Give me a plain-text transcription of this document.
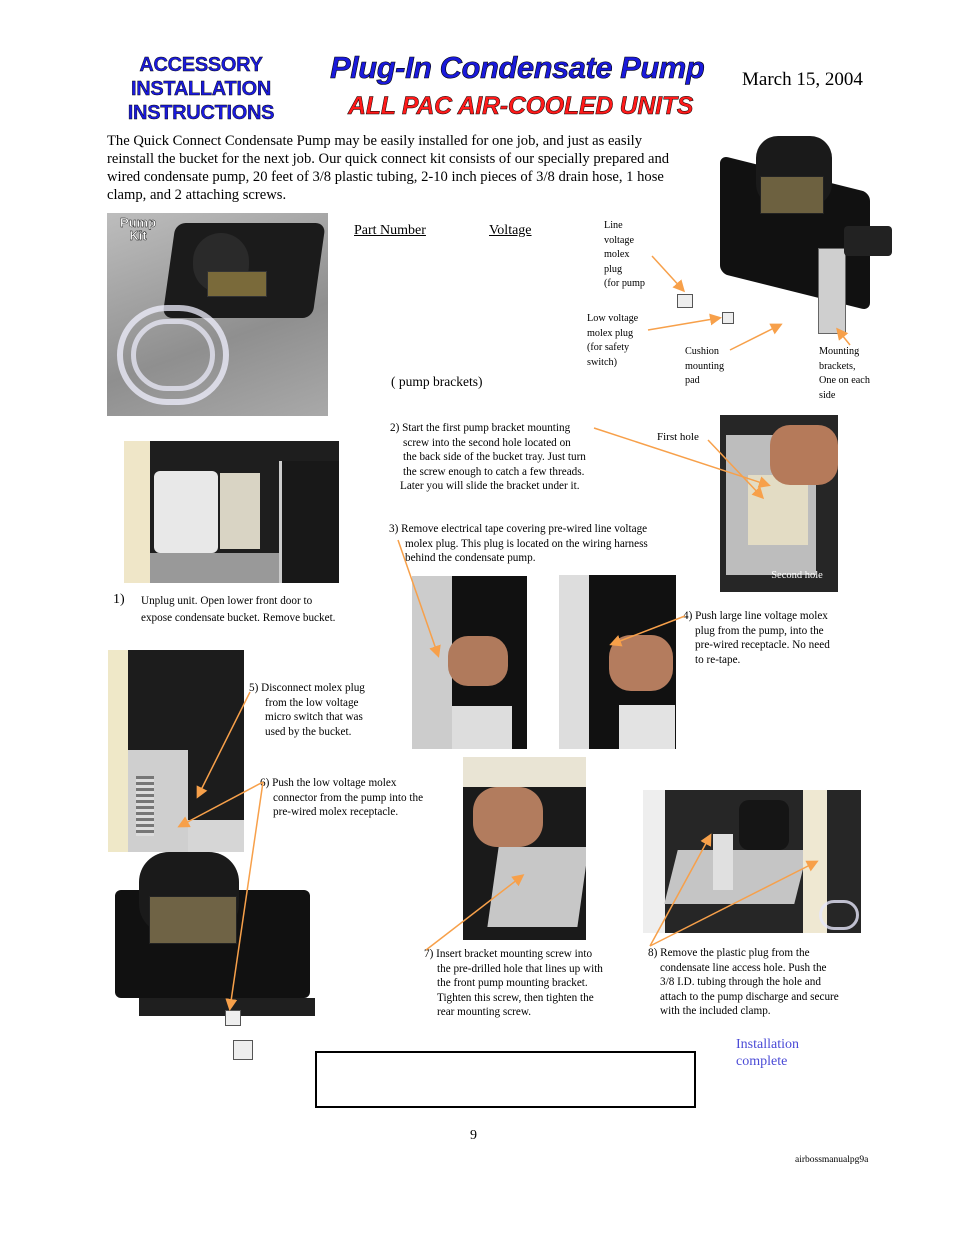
ACCESSORY
INSTALLATION
INSTRUCTIONS
Plug-In Condensate Pump
ALL PAC AIR-COOLED UNITS
March 15, 2004
The Quick Connect Condensate Pump may be easily installed for one job, and just as easily reinstall the bucket for the next job. Our quick connect kit consists of our specially prepared and wired condensate pump, 20 feet of 3/8 plastic tubing, 2-10 inch pieces of 3/8 drain hose, 1 hose clamp, and 2 attaching screws.
Pump
Kit	Part Number	Voltage
( pump brackets)
Line
voltage
molex
plug
(for pump
Low voltage
molex plug
(for safety
switch)
Cushion
mounting
pad
Mounting
brackets,
One on each
side
1) Unplug unit. Open lower front door to
expose condensate bucket. Remove bucket.
2) Start the first pump bracket mounting
screw into the second hole located on
the back side of the bucket tray. Just turn
the screw enough to catch a few threads.
Later you will slide the bracket under it.
First hole
Second hole
3) Remove electrical tape covering pre-wired line voltage
molex plug. This plug is located on the wiring harness
behind the condensate pump.
4) Push large line voltage molex
plug from the pump, into the
pre-wired receptacle. No need
to re-tape.
5) Disconnect molex plug
from the low voltage
micro switch that was
used by the bucket.
6) Push the low voltage molex
connector from the pump into the
pre-wired molex receptacle.
7) Insert bracket mounting screw into
the pre-drilled hole that lines up with
the front pump mounting bracket.
Tighten this screw, then tighten the
rear mounting screw.
8) Remove the plastic plug from the
condensate line access hole. Push the
3/8 I.D. tubing through the hole and
attach to the pump discharge and secure
with the included clamp.
Installation
complete
9
airbossmanualpg9a
